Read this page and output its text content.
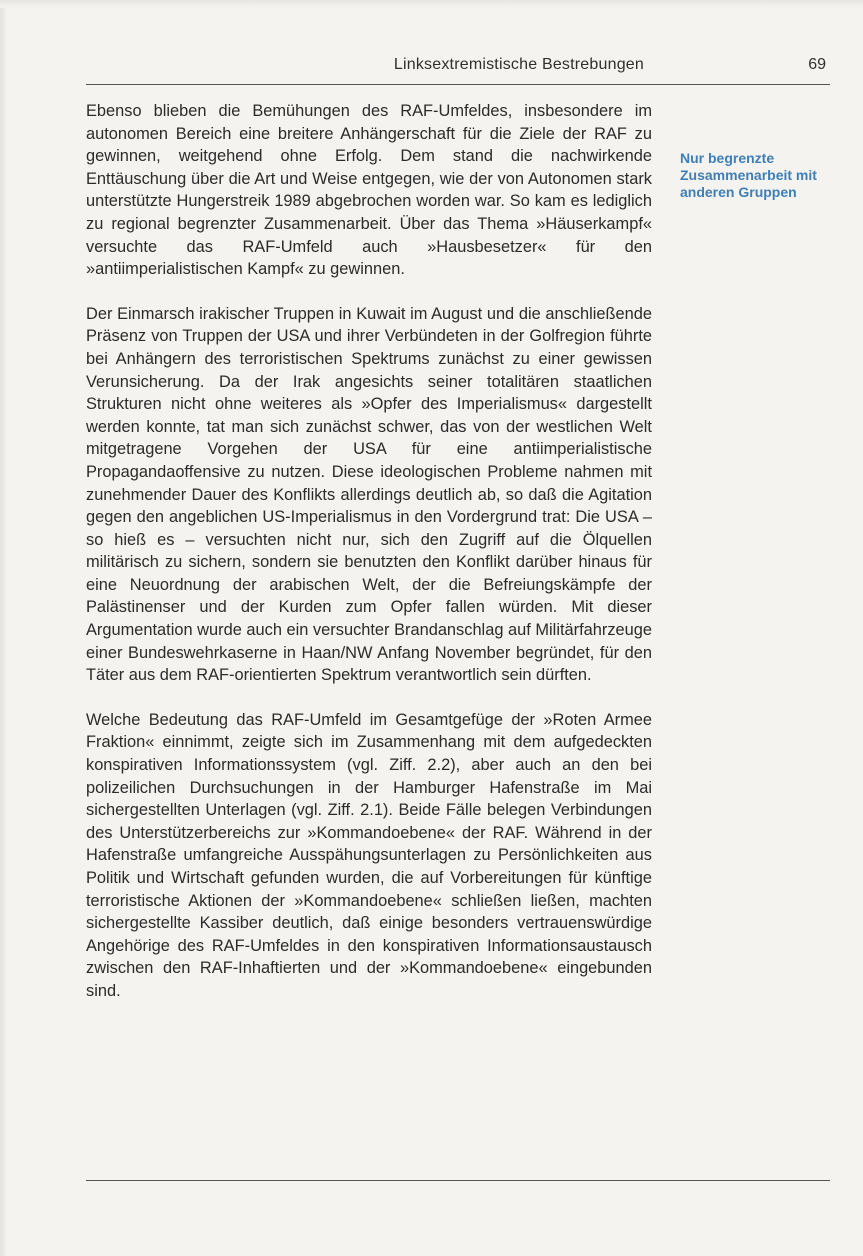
Linksextremistische Bestrebungen	69

Ebenso blieben die Bemühungen des RAF-Umfeldes, insbesondere im autonomen Bereich eine breitere Anhängerschaft für die Ziele der RAF zu gewinnen, weitgehend ohne Erfolg. Dem stand die nachwirkende Enttäuschung über die Art und Weise entgegen, wie der von Autonomen stark unterstützte Hungerstreik 1989 abgebrochen worden war. So kam es lediglich zu regional begrenzter Zusammenarbeit. Über das Thema »Häuserkampf« versuchte das RAF-Umfeld auch »Hausbesetzer« für den »antiimperialistischen Kampf« zu gewinnen.

Der Einmarsch irakischer Truppen in Kuwait im August und die anschließende Präsenz von Truppen der USA und ihrer Verbündeten in der Golfregion führte bei Anhängern des terroristischen Spektrums zunächst zu einer gewissen Verunsicherung. Da der Irak angesichts seiner totalitären staatlichen Strukturen nicht ohne weiteres als »Opfer des Imperialismus« dargestellt werden konnte, tat man sich zunächst schwer, das von der westlichen Welt mitgetragene Vorgehen der USA für eine antiimperialistische Propagandaoffensive zu nutzen. Diese ideologischen Probleme nahmen mit zunehmender Dauer des Konflikts allerdings deutlich ab, so daß die Agitation gegen den angeblichen US-Imperialismus in den Vordergrund trat: Die USA – so hieß es – versuchten nicht nur, sich den Zugriff auf die Ölquellen militärisch zu sichern, sondern sie benutzten den Konflikt darüber hinaus für eine Neuordnung der arabischen Welt, der die Befreiungskämpfe der Palästinenser und der Kurden zum Opfer fallen würden. Mit dieser Argumentation wurde auch ein versuchter Brandanschlag auf Militärfahrzeuge einer Bundeswehrkaserne in Haan/NW Anfang November begründet, für den Täter aus dem RAF-orientierten Spektrum verantwortlich sein dürften.

Welche Bedeutung das RAF-Umfeld im Gesamtgefüge der »Roten Armee Fraktion« einnimmt, zeigte sich im Zusammenhang mit dem aufgedeckten konspirativen Informationssystem (vgl. Ziff. 2.2), aber auch an den bei polizeilichen Durchsuchungen in der Hamburger Hafenstraße im Mai sichergestellten Unterlagen (vgl. Ziff. 2.1). Beide Fälle belegen Verbindungen des Unterstützerbereichs zur »Kommandoebene« der RAF. Während in der Hafenstraße umfangreiche Ausspähungsunterlagen zu Persönlichkeiten aus Politik und Wirtschaft gefunden wurden, die auf Vorbereitungen für künftige terroristische Aktionen der »Kommandoebene« schließen ließen, machten sichergestellte Kassiber deutlich, daß einige besonders vertrauenswürdige Angehörige des RAF-Umfeldes in den konspirativen Informationsaustausch zwischen den RAF-Inhaftierten und der »Kommandoebene« eingebunden sind.

Nur begrenzte Zusammenarbeit mit anderen Gruppen
